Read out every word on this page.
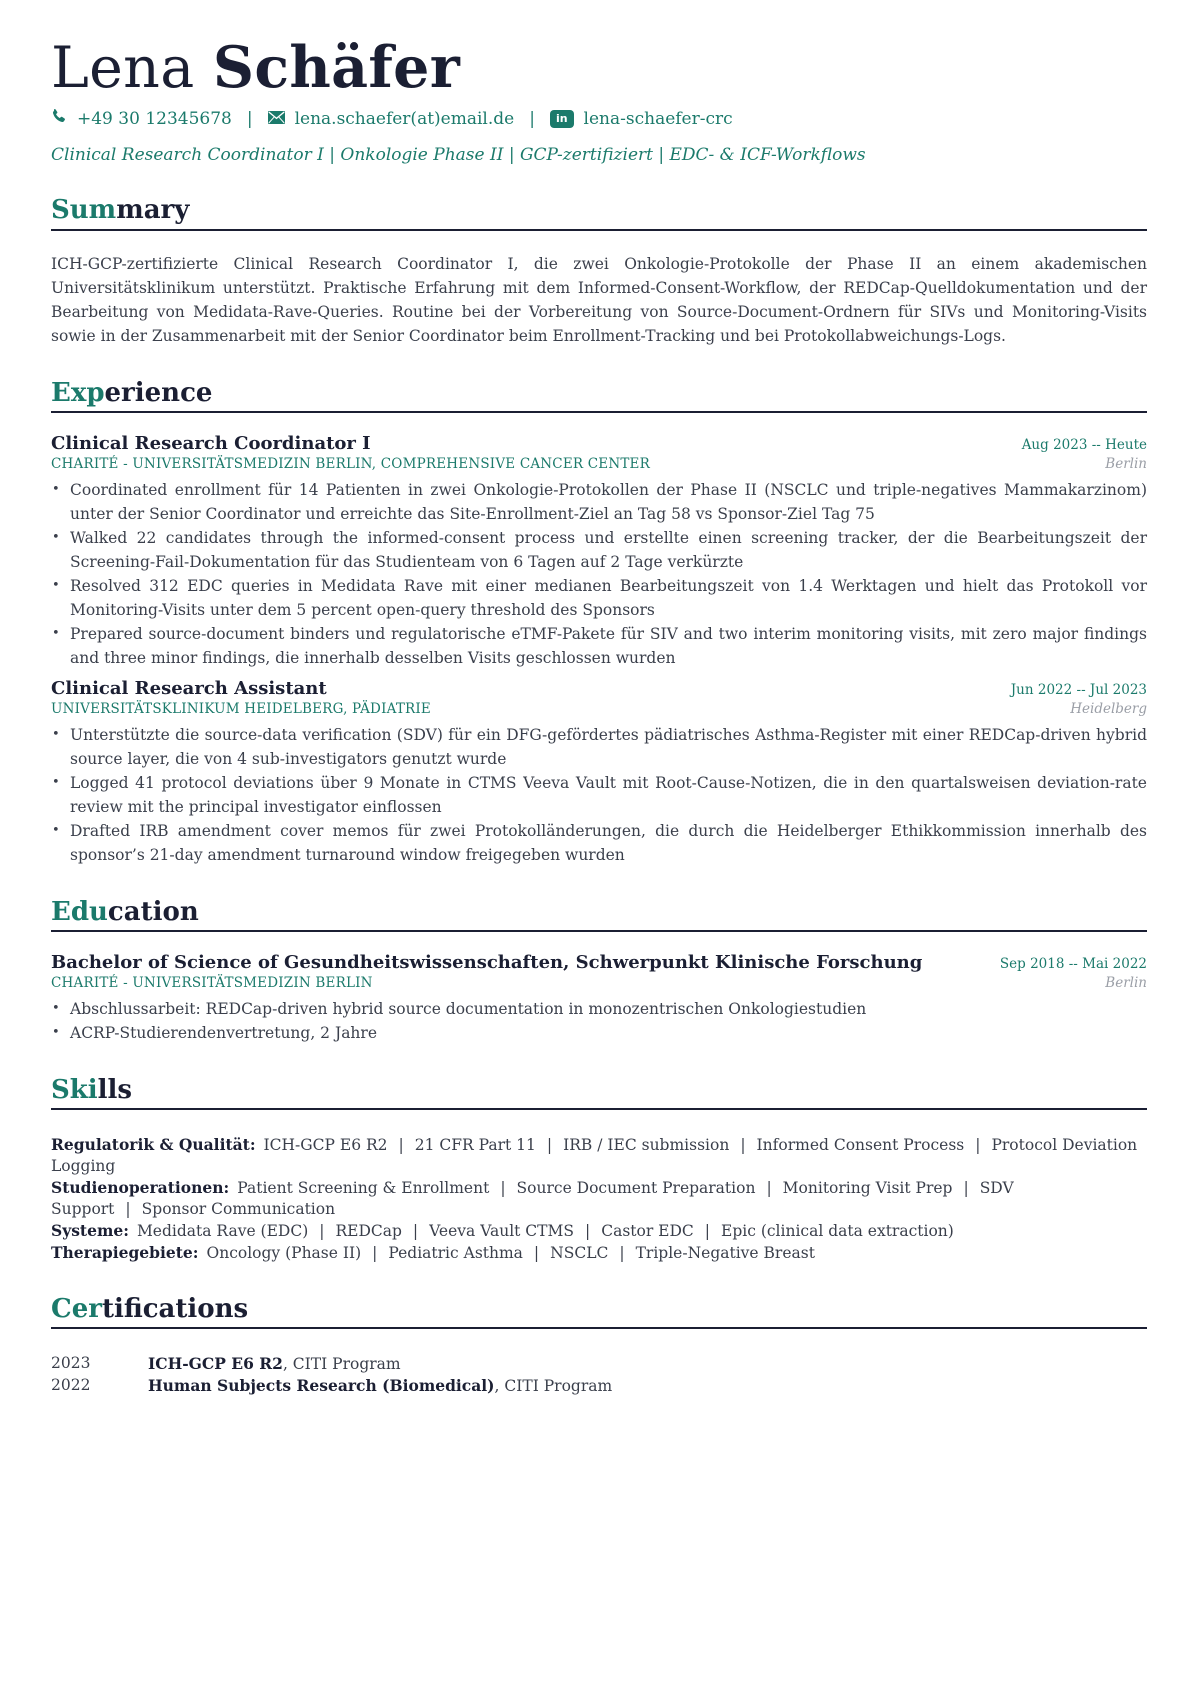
Lena Schäfer
+49 30 12345678 | lena.schaefer(at)email.de |	in lena-schaefer-crc
Clinical Research Coordinator I | Onkologie Phase II | GCP-zertifiziert | EDC- & ICF-Workflows
Summary
ICH-GCP-zertifizierte Clinical Research Coordinator I, die zwei Onkologie-Protokolle der Phase II an einem akademischen Universitätsklinikum unterstützt. Praktische Erfahrung mit dem Informed-Consent-Workflow, der REDCap-Quelldokumentation und der Bearbeitung von Medidata-Rave-Queries. Routine bei der Vorbereitung von Source-Document-Ordnern für SIVs und Monitoring-Visits sowie in der Zusammenarbeit mit der Senior Coordinator beim Enrollment-Tracking und bei Protokollabweichungs-Logs.
Experience
Clinical Research Coordinator I	Aug 2023 -- Heute
CHARITÉ - UNIVERSITÄTSMEDIZIN BERLIN, COMPREHENSIVE CANCER CENTER	Berlin
• Coordinated enrollment für 14 Patienten in zwei Onkologie-Protokollen der Phase II (NSCLC und triple-negatives Mammakarzinom) unter der Senior Coordinator und erreichte das Site-Enrollment-Ziel an Tag 58 vs Sponsor-Ziel Tag 75
• Walked 22 candidates through the informed-consent process und erstellte einen screening tracker, der die Bearbeitungszeit der Screening-Fail-Dokumentation für das Studienteam von 6 Tagen auf 2 Tage verkürzte
• Resolved 312 EDC queries in Medidata Rave mit einer medianen Bearbeitungszeit von 1.4 Werktagen und hielt das Protokoll vor Monitoring-Visits unter dem 5 percent open-query threshold des Sponsors
• Prepared source-document binders und regulatorische eTMF-Pakete für SIV and two interim monitoring visits, mit zero major findings and three minor findings, die innerhalb desselben Visits geschlossen wurden
Clinical Research Assistant	Jun 2022 -- Jul 2023
UNIVERSITÄTSKLINIKUM HEIDELBERG, PÄDIATRIE	Heidelberg
• Unterstützte die source-data verification (SDV) für ein DFG-gefördertes pädiatrisches Asthma-Register mit einer REDCap-driven hybrid source layer, die von 4 sub-investigators genutzt wurde
• Logged 41 protocol deviations über 9 Monate in CTMS Veeva Vault mit Root-Cause-Notizen, die in den quartalsweisen deviation-rate review mit the principal investigator einflossen
• Drafted IRB amendment cover memos für zwei Protokolländerungen, die durch die Heidelberger Ethikkommission innerhalb des sponsor’s 21-day amendment turnaround window freigegeben wurden
Education
Bachelor of Science of Gesundheitswissenschaften, Schwerpunkt Klinische Forschung	Sep 2018 -- Mai 2022
CHARITÉ - UNIVERSITÄTSMEDIZIN BERLIN	Berlin
• Abschlussarbeit: REDCap-driven hybrid source documentation in monozentrischen Onkologiestudien
• ACRP-Studierendenvertretung, 2 Jahre
Skills
Regulatorik & Qualität: ICH-GCP E6 R2 | 21 CFR Part 11 | IRB / IEC submission | Informed Consent Process | Protocol Deviation Logging
Studienoperationen: Patient Screening & Enrollment | Source Document Preparation | Monitoring Visit Prep | SDV Support | Sponsor Communication
Systeme: Medidata Rave (EDC) | REDCap | Veeva Vault CTMS | Castor EDC | Epic (clinical data extraction)
Therapiegebiete: Oncology (Phase II) | Pediatric Asthma | NSCLC | Triple-Negative Breast
Certifications
2023	ICH-GCP E6 R2, CITI Program
2022	Human Subjects Research (Biomedical), CITI Program
